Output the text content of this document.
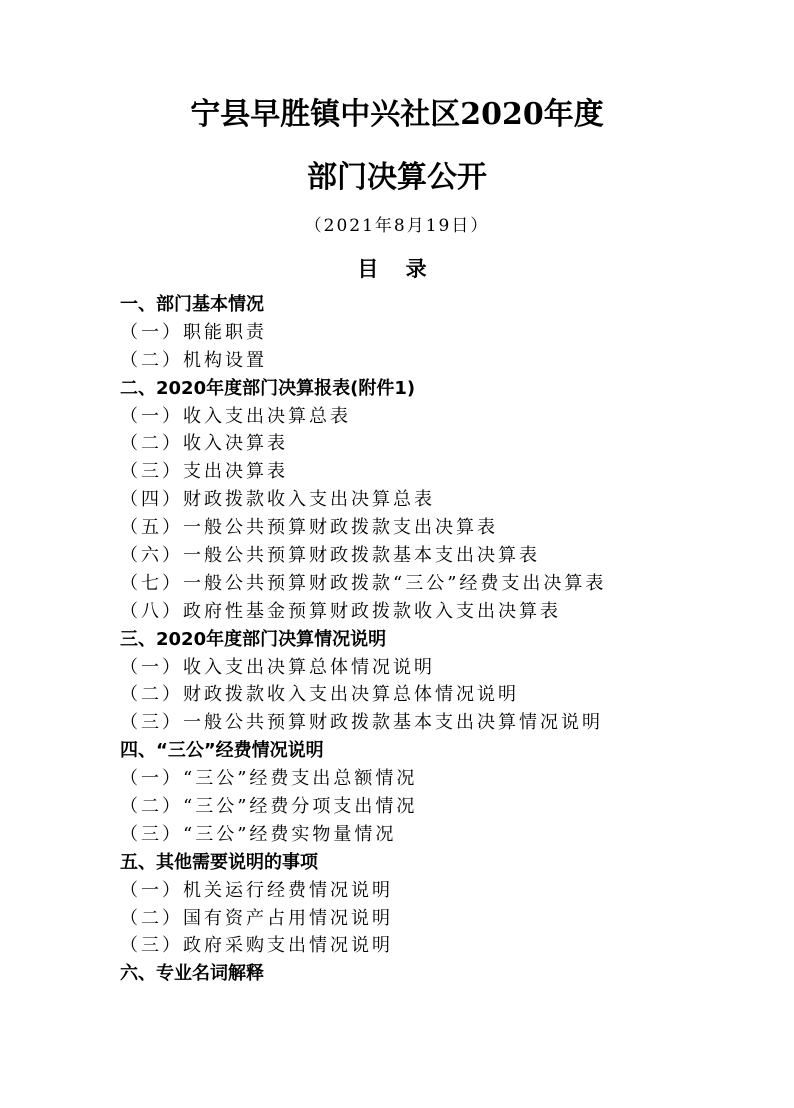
宁县早胜镇中兴社区2020年度
部门决算公开
（2021年8月19日）
目 录
一、部门基本情况
（一）职能职责
（二）机构设置
二、2020年度部门决算报表(附件1)
（一）收入支出决算总表
（二）收入决算表
（三）支出决算表
（四）财政拨款收入支出决算总表
（五）一般公共预算财政拨款支出决算表
（六）一般公共预算财政拨款基本支出决算表
（七）一般公共预算财政拨款“三公”经费支出决算表
（八）政府性基金预算财政拨款收入支出决算表
三、2020年度部门决算情况说明
（一）收入支出决算总体情况说明
（二）财政拨款收入支出决算总体情况说明
（三）一般公共预算财政拨款基本支出决算情况说明
四、“三公”经费情况说明
（一）“三公”经费支出总额情况
（二）“三公”经费分项支出情况
（三）“三公”经费实物量情况
五、其他需要说明的事项
（一）机关运行经费情况说明
（二）国有资产占用情况说明
（三）政府采购支出情况说明
六、专业名词解释
